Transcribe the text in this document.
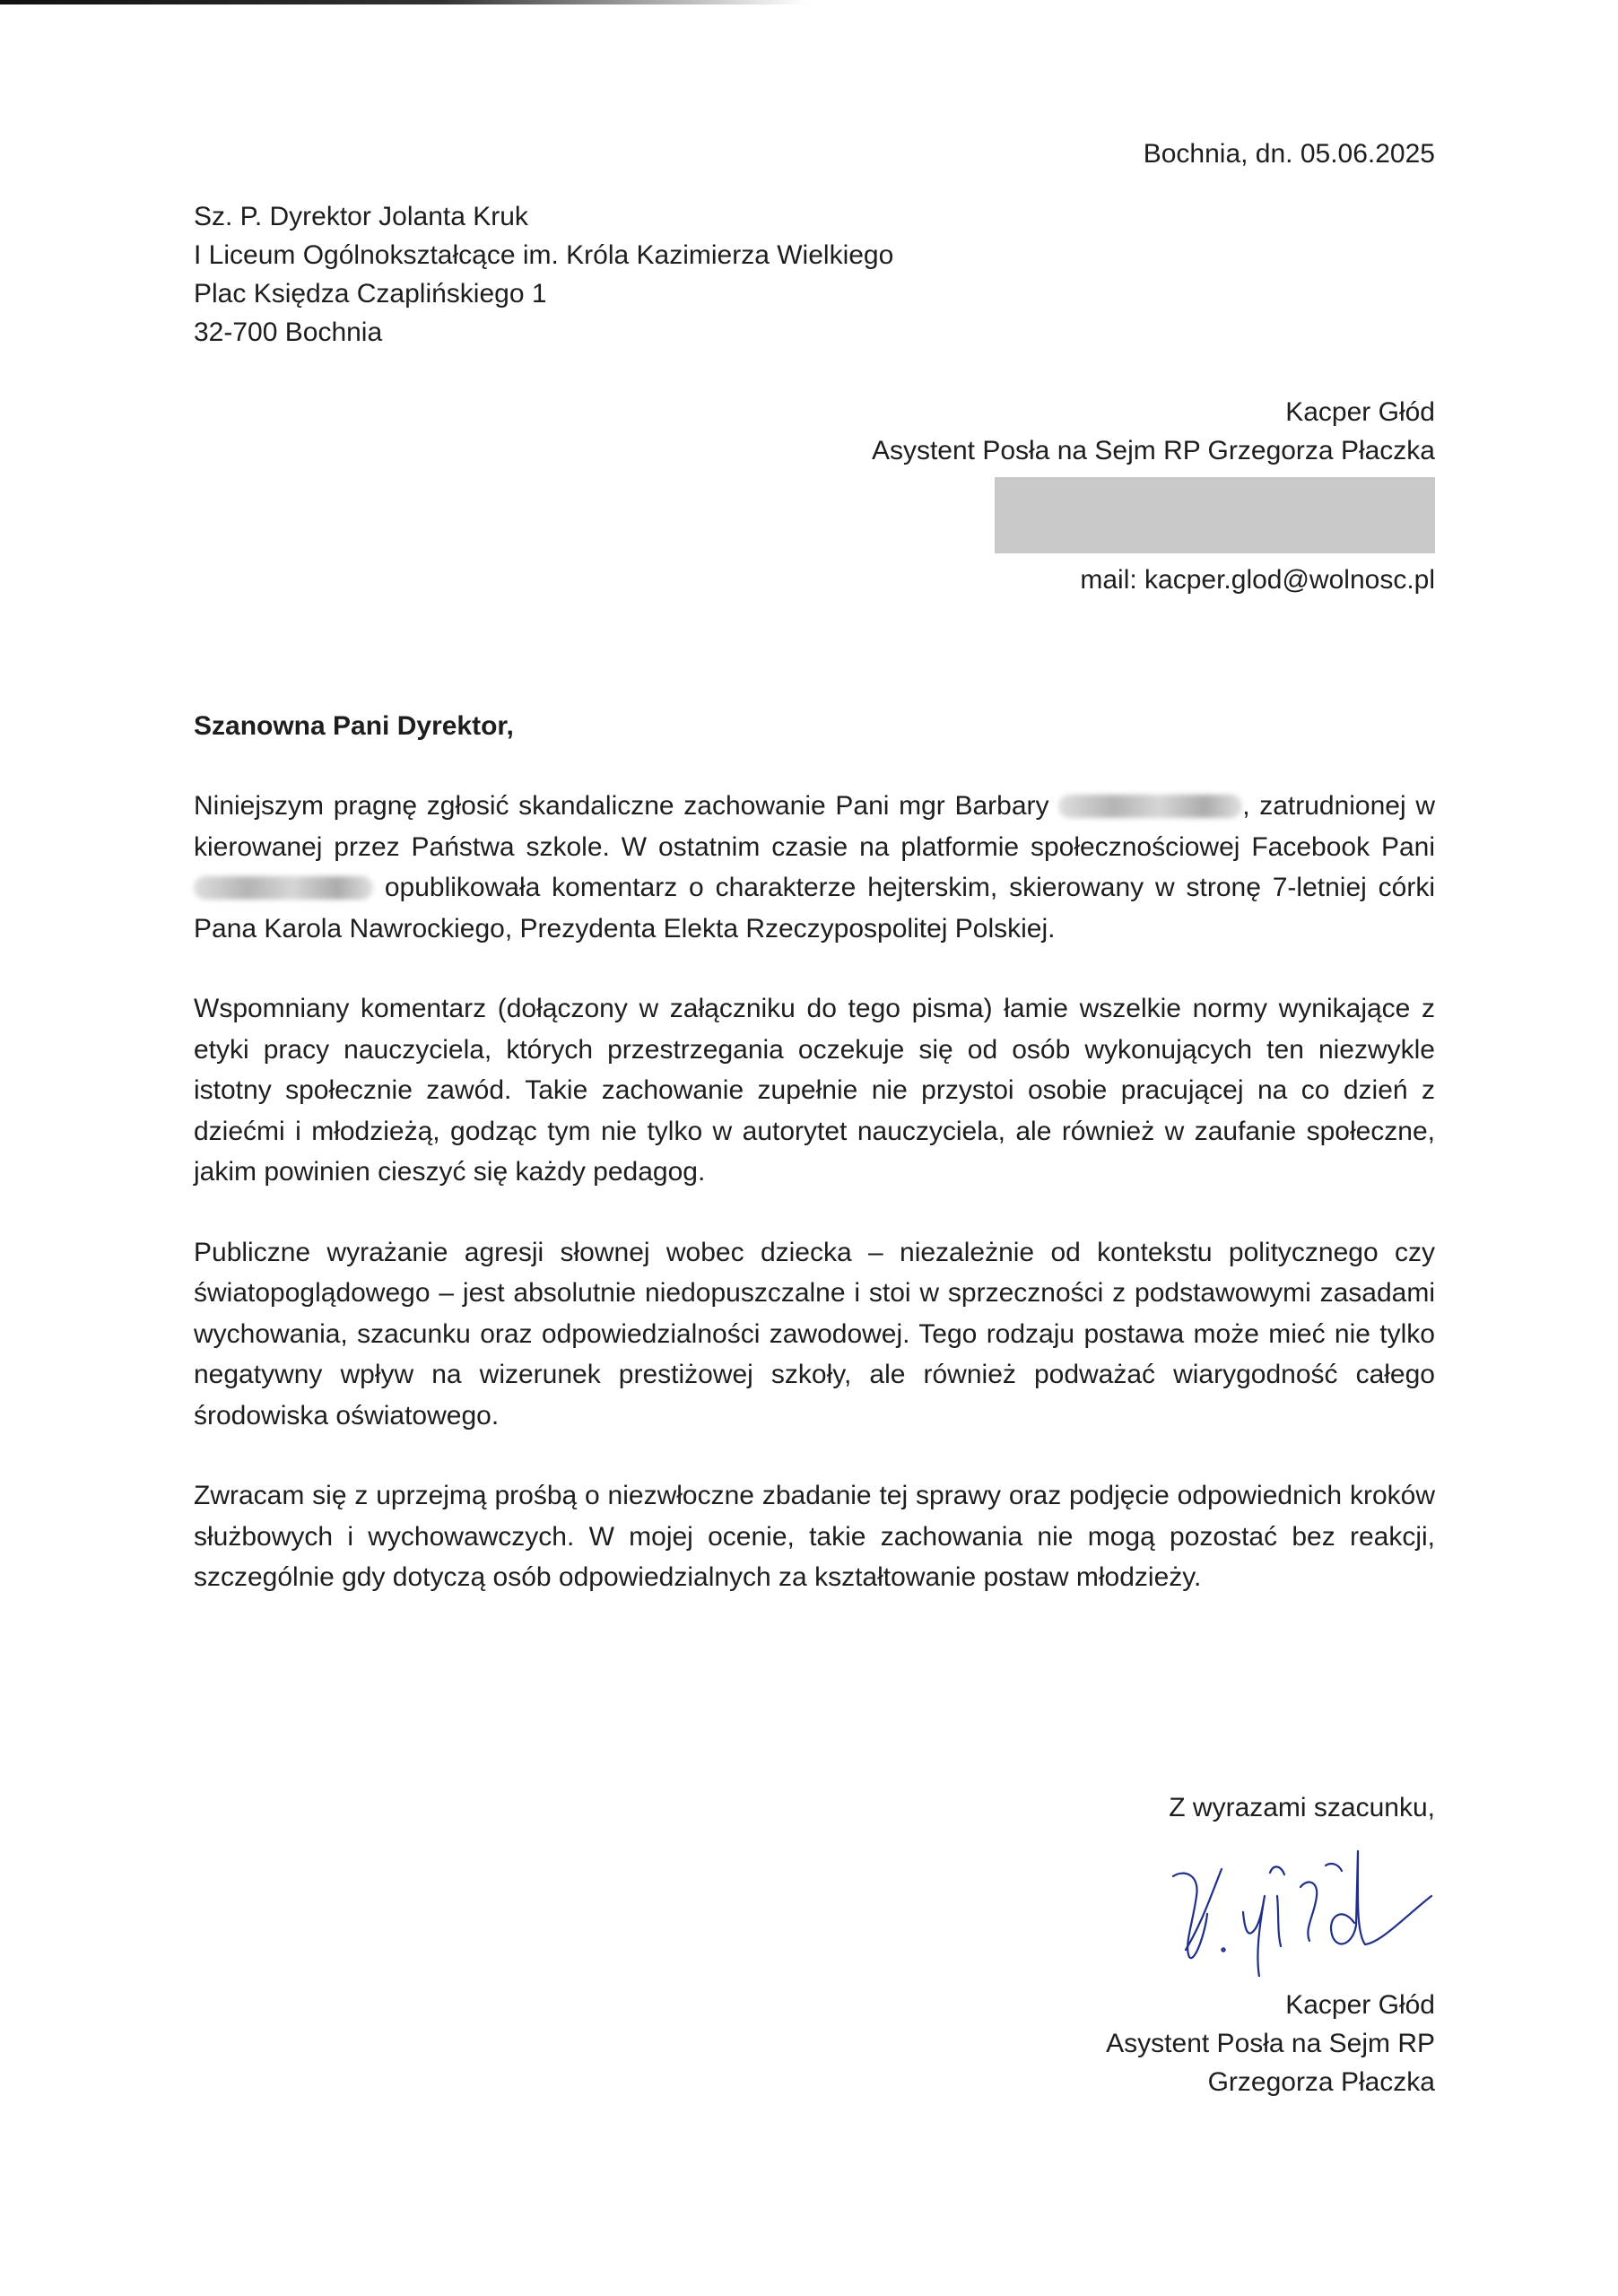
Bochnia, dn. 05.06.2025
Sz. P. Dyrektor Jolanta Kruk
I Liceum Ogólnokształcące im. Króla Kazimierza Wielkiego
Plac Księdza Czaplińskiego 1
32-700 Bochnia
Kacper Głód
Asystent Posła na Sejm RP Grzegorza Płaczka
mail: kacper.glod@wolnosc.pl
Szanowna Pani Dyrektor,

Niniejszym pragnę zgłosić skandaliczne zachowanie Pani mgr Barbary	, zatrudnionej w kierowanej przez Państwa szkole. W ostatnim czasie na platformie społecznościowej Facebook Pani  opublikowała komentarz o charakterze hejterskim, skierowany w stronę 7-letniej córki Pana Karola Nawrockiego, Prezydenta Elekta Rzeczypospolitej Polskiej.

Wspomniany komentarz (dołączony w załączniku do tego pisma) łamie wszelkie normy wynikające z etyki pracy nauczyciela, których przestrzegania oczekuje się od osób wykonujących ten niezwykle istotny społecznie zawód. Takie zachowanie zupełnie nie przystoi osobie pracującej na co dzień z dziećmi i młodzieżą, godząc tym nie tylko w autorytet nauczyciela, ale również w zaufanie społeczne, jakim powinien cieszyć się każdy pedagog.

Publiczne wyrażanie agresji słownej wobec dziecka – niezależnie od kontekstu politycznego czy światopoglądowego – jest absolutnie niedopuszczalne i stoi w sprzeczności z podstawowymi zasadami wychowania, szacunku oraz odpowiedzialności zawodowej. Tego rodzaju postawa może mieć nie tylko negatywny wpływ na wizerunek prestiżowej szkoły, ale również podważać wiarygodność całego środowiska oświatowego.

Zwracam się z uprzejmą prośbą o niezwłoczne zbadanie tej sprawy oraz podjęcie odpowiednich kroków służbowych i wychowawczych. W mojej ocenie, takie zachowania nie mogą pozostać bez reakcji, szczególnie gdy dotyczą osób odpowiedzialnych za kształtowanie postaw młodzieży.

Z wyrazami szacunku,
Kacper Głód
Asystent Posła na Sejm RP
Grzegorza Płaczka
